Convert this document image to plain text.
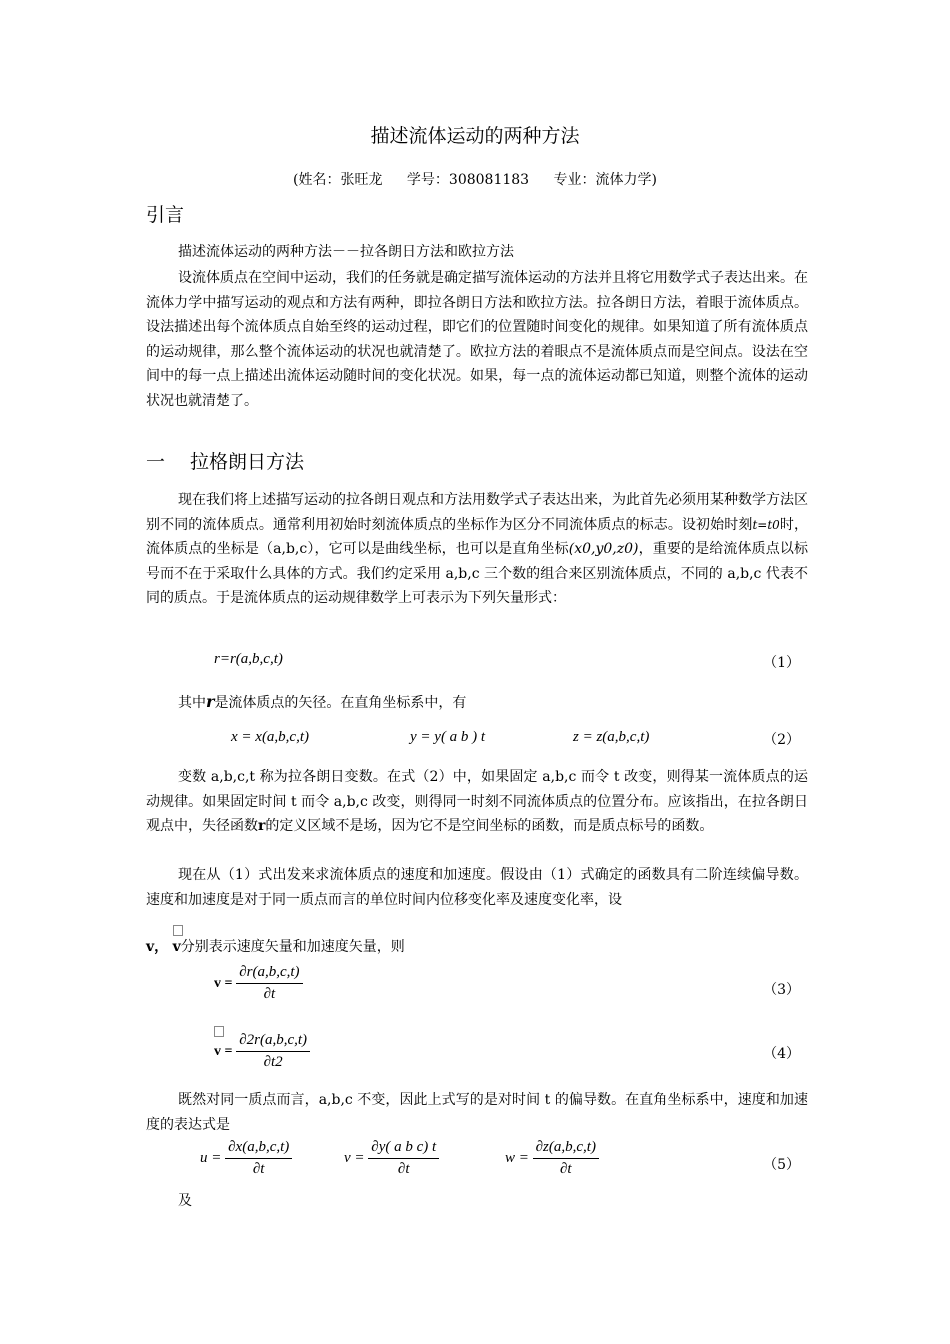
描述流体运动的两种方法
(姓名：张旺龙 学号：308081183 专业：流体力学)
引言
描述流体运动的两种方法－－拉各朗日方法和欧拉方法

设流体质点在空间中运动，我们的任务就是确定描写流体运动的方法并且将它用数学式子表达出来。在流体力学中描写运动的观点和方法有两种，即拉各朗日方法和欧拉方法。拉各朗日方法，着眼于流体质点。设法描述出每个流体质点自始至终的运动过程，即它们的位置随时间变化的规律。如果知道了所有流体质点的运动规律，那么整个流体运动的状况也就清楚了。欧拉方法的着眼点不是流体质点而是空间点。设法在空间中的每一点上描述出流体运动随时间的变化状况。如果，每一点的流体运动都已知道，则整个流体的运动状况也就清楚了。

一 拉格朗日方法

现在我们将上述描写运动的拉各朗日观点和方法用数学式子表达出来，为此首先必须用某种数学方法区别不同的流体质点。通常利用初始时刻流体质点的坐标作为区分不同流体质点的标志。设初始时刻t=t0时，流体质点的坐标是（a,b,c），它可以是曲线坐标，也可以是直角坐标(x0,y0,z0)，重要的是给流体质点以标号而不在于采取什么具体的方式。我们约定采用 a,b,c 三个数的组合来区别流体质点，不同的 a,b,c 代表不同的质点。于是流体质点的运动规律数学上可表示为下列矢量形式：

r=r(a,b,c,t)	（1）
其中r是流体质点的矢径。在直角坐标系中，有
x = x(a,b,c,t)	y = y( a b ) t	z = z(a,b,c,t)	（2）

变数 a,b,c,t 称为拉各朗日变数。在式（2）中，如果固定 a,b,c 而令 t 改变，则得某一流体质点的运动规律。如果固定时间 t 而令 a,b,c 改变，则得同一时刻不同流体质点的位置分布。应该指出，在拉各朗日观点中，失径函数r的定义区域不是场，因为它不是空间坐标的函数，而是质点标号的函数。

现在从（1）式出发来求流体质点的速度和加速度。假设由（1）式确定的函数具有二阶连续偏导数。速度和加速度是对于同一质点而言的单位时间内位移变化率及速度变化率，设

v， v分别表示速度矢量和加速度矢量，则
$v = \frac{\partial r(a,b,c,t)}{\partial t}$	（3）
$v = \frac{\partial 2r(a,b,c,t)}{\partial t2}$	（4）

既然对同一质点而言，a,b,c 不变，因此上式写的是对时间 t 的偏导数。在直角坐标系中，速度和加速度的表达式是

$u = \frac{\partial x(a,b,c,t)}{\partial t}$	$v = \frac{\text{∂y( a b c) t}}{\partial t}$	$w = \frac{\partial z(a,b,c,t)}{\partial t}$	（5）
及
